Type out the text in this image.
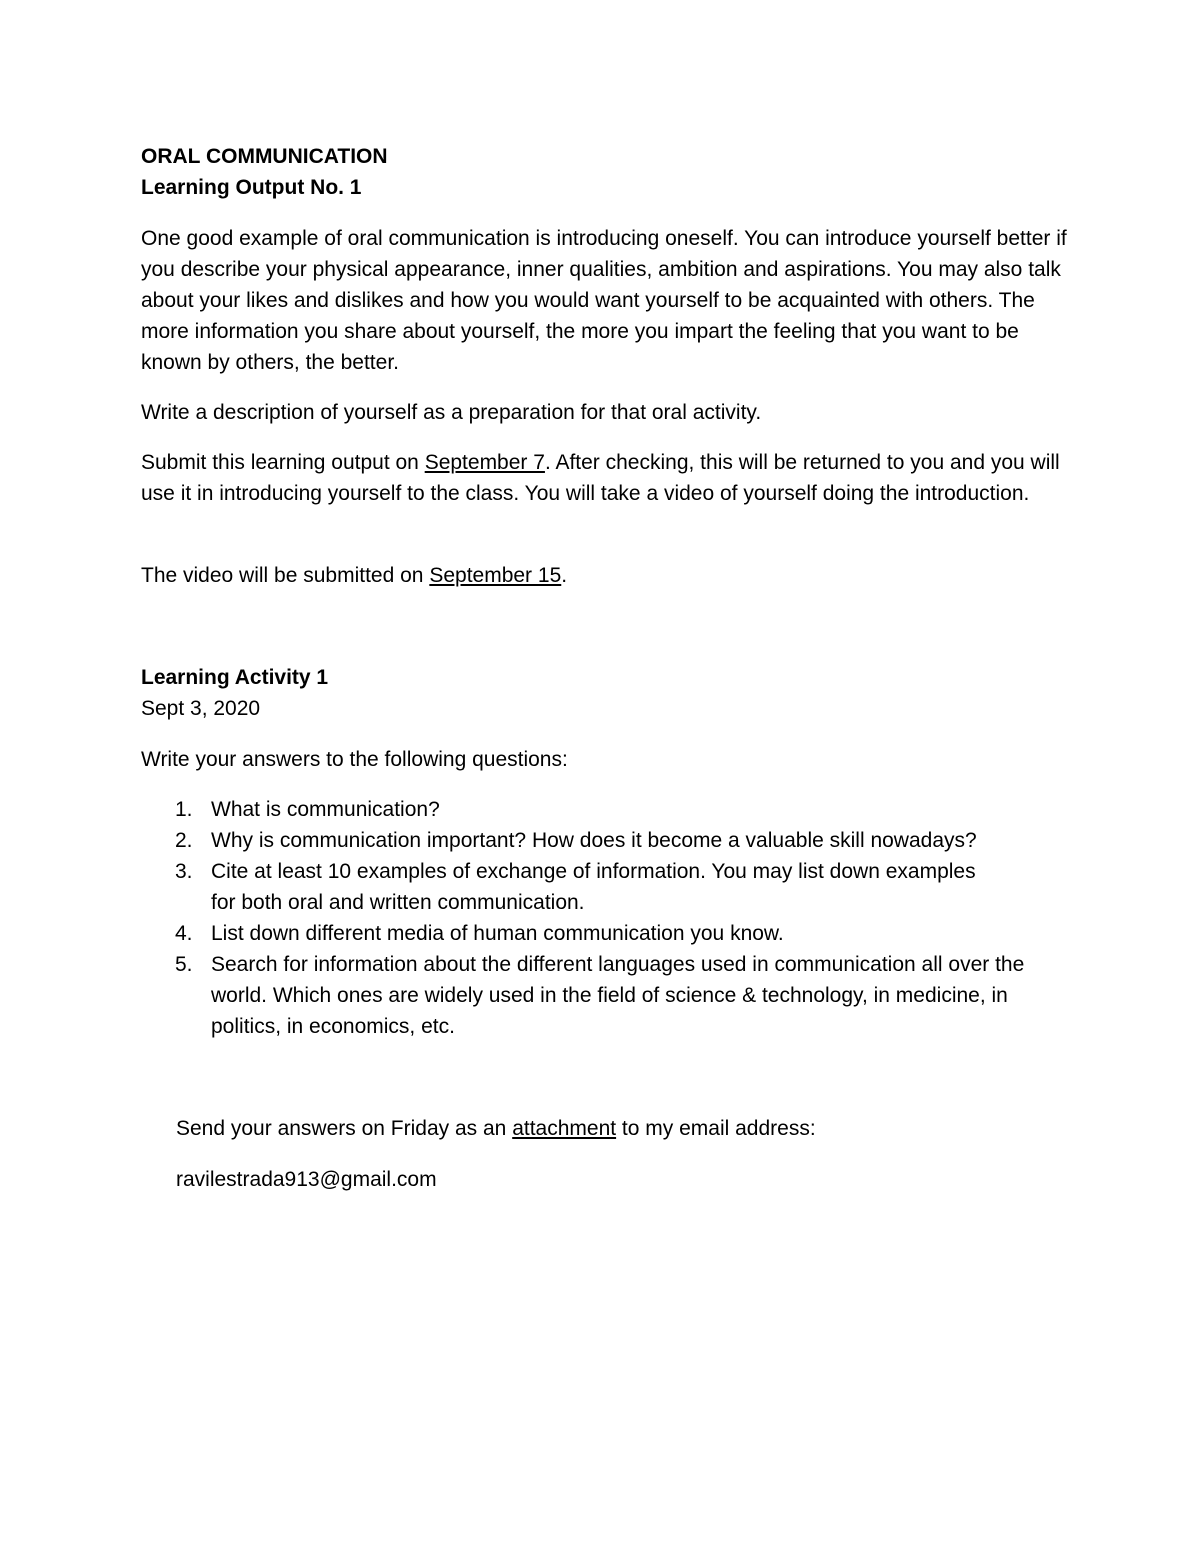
ORAL COMMUNICATION

Learning Output No. 1

One good example of oral communication is introducing oneself. You can introduce yourself better if you describe your physical appearance, inner qualities, ambition and aspirations. You may also talk about your likes and dislikes and how you would want yourself to be acquainted with others. The more information you share about yourself, the more you impart the feeling that you want to be known by others, the better.

Write a description of yourself as a preparation for that oral activity.

Submit this learning output on September 7. After checking, this will be returned to you and you will use it in introducing yourself to the class. You will take a video of yourself doing the introduction.

The video will be submitted on September 15.

Learning Activity 1

Sept 3, 2020

Write your answers to the following questions:

1. What is communication?
2. Why is communication important? How does it become a valuable skill nowadays?
3. Cite at least 10 examples of exchange of information. You may list down examples for both oral and written communication.
4. List down different media of human communication you know.
5. Search for information about the different languages used in communication all over the world. Which ones are widely used in the field of science & technology, in medicine, in politics, in economics, etc.

Send your answers on Friday as an attachment to my email address:

ravilestrada913@gmail.com
